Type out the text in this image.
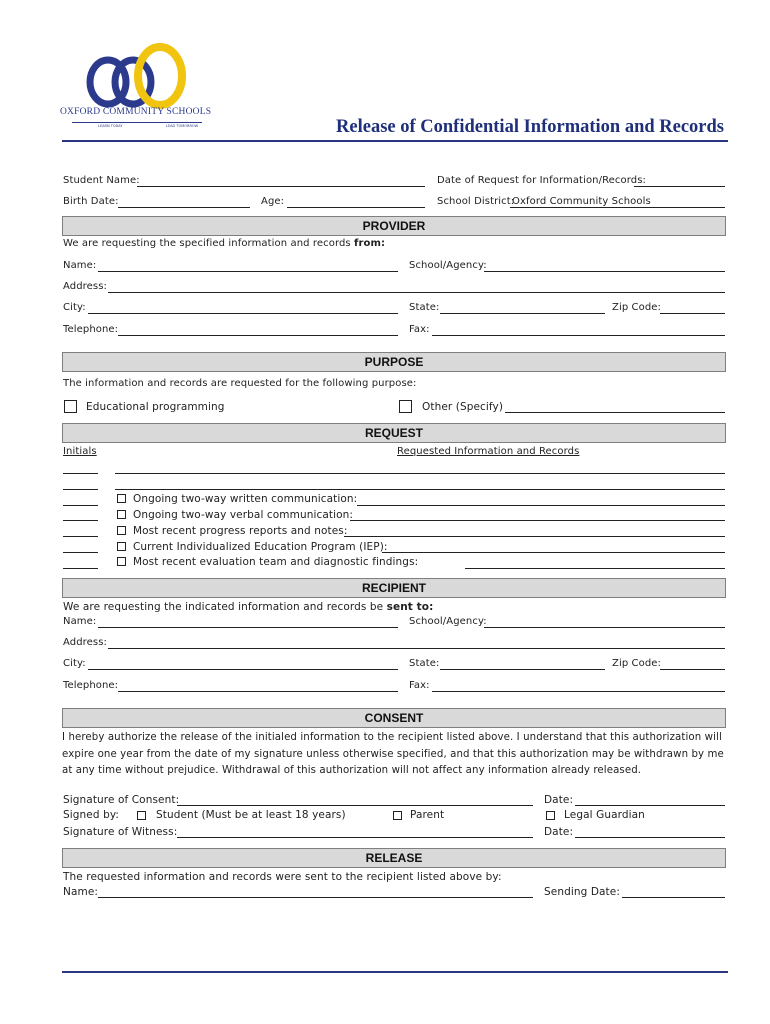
OXFORD COMMUNITY SCHOOLS
LEARN TODAY	LEAD TOMORROW	Release of Confidential Information and Records
Student Name:	Date of Request for Information/Records:
Birth Date:	Age:	School District:
Oxford Community Schools
PROVIDER
We are requesting the specified information and records from:
Name:	School/Agency:
Address:
City:	State:	Zip Code:
Telephone:	Fax:
PURPOSE
The information and records are requested for the following purpose:
Educational programming	Other (Specify)
REQUEST
Initials	Requested Information and Records
Ongoing two-way written communication:
Ongoing two-way verbal communication:
Most recent progress reports and notes:
Current Individualized Education Program (IEP):
Most recent evaluation team and diagnostic findings:
RECIPIENT
We are requesting the indicated information and records be sent to:
Name:	School/Agency:
Address:
City:	State:	Zip Code:
Telephone:	Fax:
CONSENT
I hereby authorize the release of the initialed information to the recipient listed above. I understand that this authorization will expire one year from the date of my signature unless otherwise specified, and that this authorization may be withdrawn by me at any time without prejudice. Withdrawal of this authorization will not affect any information already released.
Signature of Consent:	Date:
Signed by:	Student (Must be at least 18 years)	Parent	Legal Guardian
Signature of Witness:	Date:
RELEASE
The requested information and records were sent to the recipient listed above by:
Name:	Sending Date:
